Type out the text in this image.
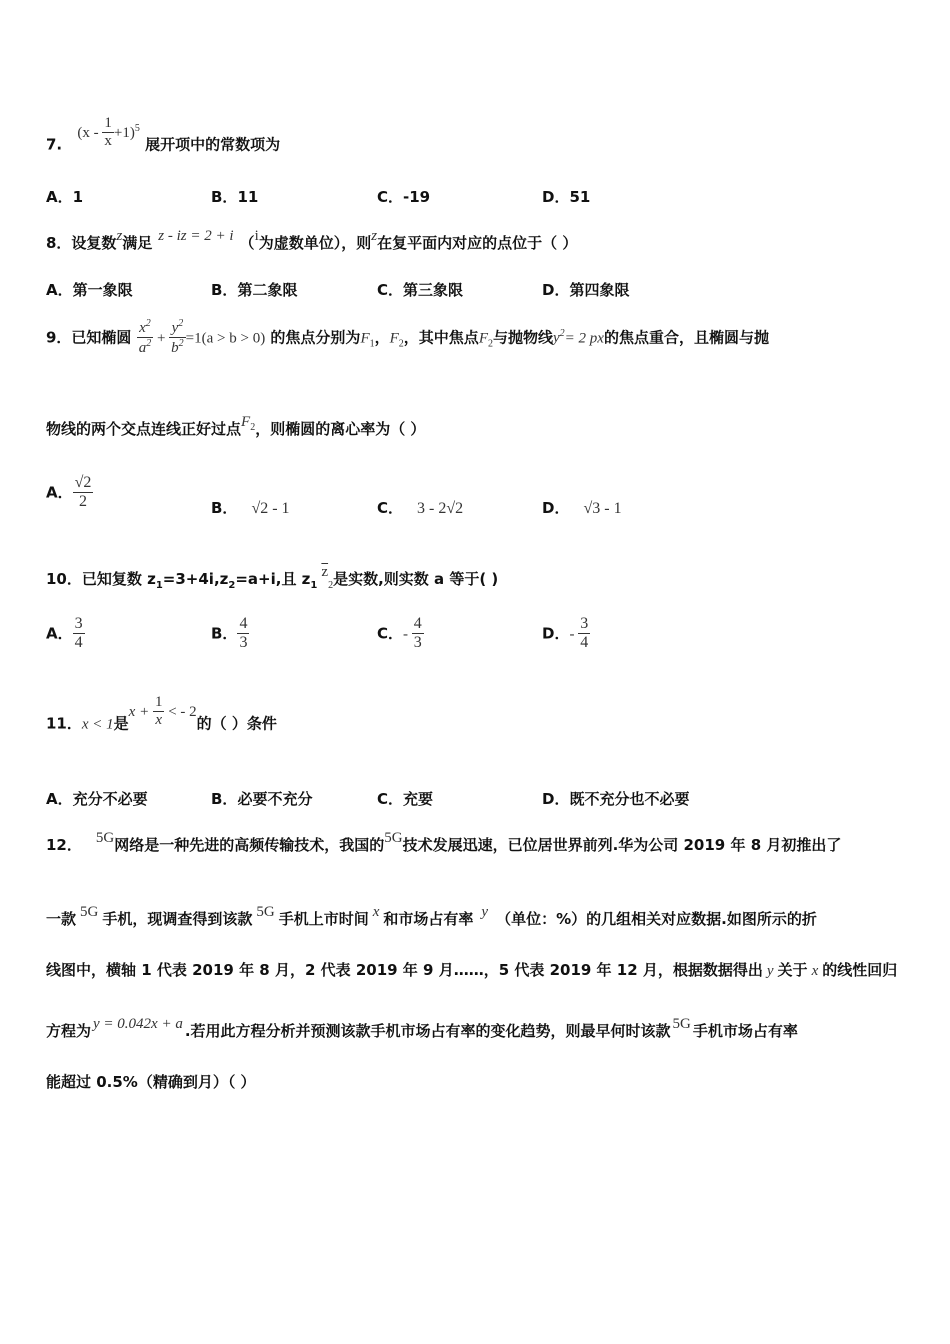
7. $(x - \frac{1}{x} +1)^5$ 展开项中的常数项为
A．1	B．11	C．-19	D．51
8．设复数z满足 z - iz = 2 + i （i为虚数单位），则z在复平面内对应的点位于（ ）
A．第一象限	B．第二象限	C．第三象限	D．第四象限
9．已知椭圆 $\frac{x^2}{a^2} + \frac{y^2}{b^2} =1(a > b > 0)$ 的焦点分别为$F_1$，$F_2$，其中焦点$F_2$与抛物线$y^2= 2$ px的焦点重合，且椭圆与抛
物线的两个交点连线正好过点$F_2$，则椭圆的离心率为（ ）
A． $\frac{√2}{2}$	B． √2 - 1	C． 3 - 2√2	D． √3 - 1
10．已知复数 $z_1=3+4i,z_2=a+i$,且 $z_1\overline{z}_2$是实数,则实数 a 等于( )
A． $\frac{3}{4}$	B． $\frac{4}{3}$	C．- $\frac{4}{3}$	D．- $\frac{3}{4}$
11．x < 1是$x + \frac{1}{x}$ < - 2的（ ）条件
A．充分不必要	B．必要不充分	C．充要	D．既不充分也不必要
12． 5G网络是一种先进的高频传输技术，我国的5G技术发展迅速，已位居世界前列.华为公司 2019 年 8 月初推出了
一款 5G 手机，现调查得到该款 5G 手机上市时间 x 和市场占有率 y （单位：%）的几组相关对应数据.如图所示的折
线图中，横轴 1 代表 2019 年 8 月，2 代表 2019 年 9 月……，5 代表 2019 年 12 月，根据数据得出 y 关于 x 的线性回归
方程为 y = 0.042x + a .若用此方程分析并预测该款手机市场占有率的变化趋势，则最早何时该款 5G 手机市场占有率
能超过 0.5%（精确到月）（ ）
